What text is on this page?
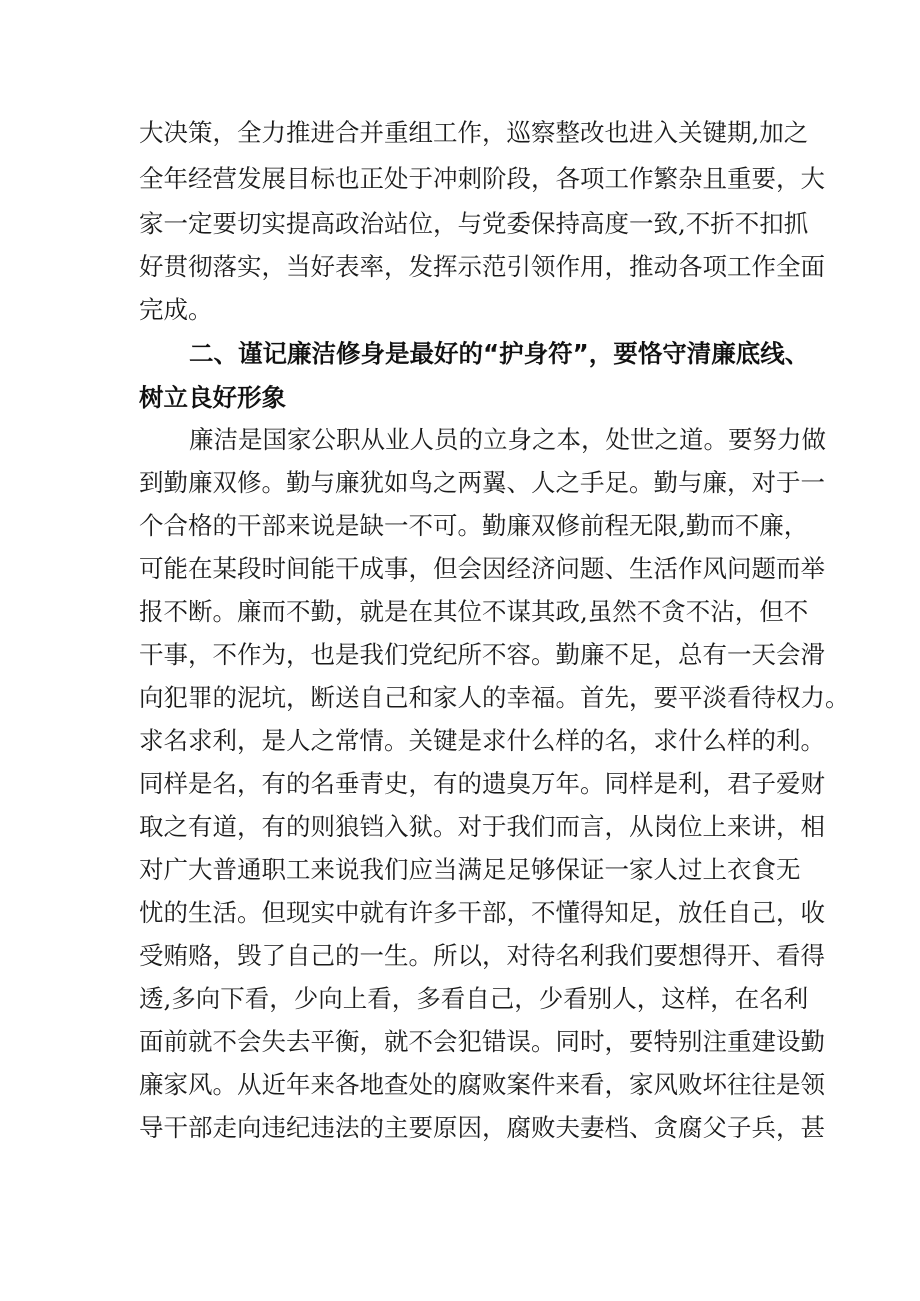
大决策，全力推进合并重组工作，巡察整改也进入关键期,加之
全年经营发展目标也正处于冲刺阶段，各项工作繁杂且重要，大
家一定要切实提高政治站位，与党委保持高度一致,不折不扣抓
好贯彻落实，当好表率，发挥示范引领作用，推动各项工作全面
完成。
二、谨记廉洁修身是最好的“护身符”，要恪守清廉底线、
树立良好形象
廉洁是国家公职从业人员的立身之本，处世之道。要努力做
到勤廉双修。勤与廉犹如鸟之两翼、人之手足。勤与廉，对于一
个合格的干部来说是缺一不可。勤廉双修前程无限,勤而不廉，
可能在某段时间能干成事，但会因经济问题、生活作风问题而举
报不断。廉而不勤，就是在其位不谋其政,虽然不贪不沾，但不
干事，不作为，也是我们党纪所不容。勤廉不足，总有一天会滑
向犯罪的泥坑，断送自己和家人的幸福。首先，要平淡看待权力。
求名求利，是人之常情。关键是求什么样的名，求什么样的利。
同样是名，有的名垂青史，有的遗臭万年。同样是利，君子爱财
取之有道，有的则狼铛入狱。对于我们而言，从岗位上来讲，相
对广大普通职工来说我们应当满足足够保证一家人过上衣食无
忧的生活。但现实中就有许多干部，不懂得知足，放任自己，收
受贿赂，毁了自己的一生。所以，对待名利我们要想得开、看得
透,多向下看，少向上看，多看自己，少看别人，这样，在名利
面前就不会失去平衡，就不会犯错误。同时，要特别注重建设勤
廉家风。从近年来各地查处的腐败案件来看，家风败坏往往是领
导干部走向违纪违法的主要原因，腐败夫妻档、贪腐父子兵，甚
